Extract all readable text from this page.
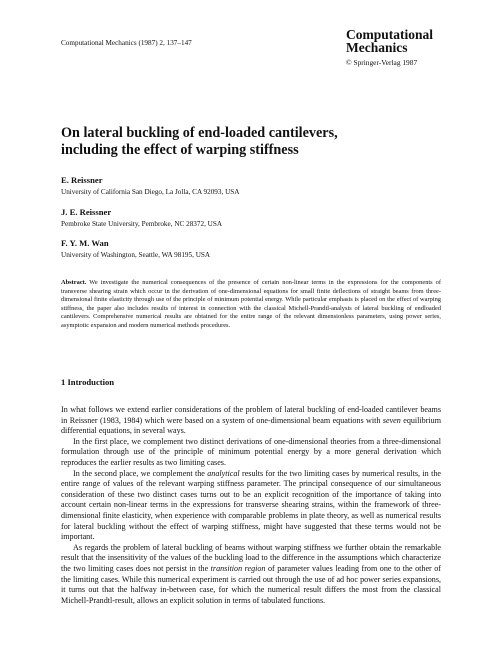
Computational Mechanics (1987) 2, 137–147
Computational
Mechanics
© Springer-Verlag 1987
On lateral buckling of end-loaded cantilevers,
including the effect of warping stiffness
E. Reissner
University of California San Diego, La Jolla, CA 92093, USA
J. E. Reissner
Pembroke State University, Pembroke, NC 28372, USA
F. Y. M. Wan
University of Washington, Seattle, WA 98195, USA
Abstract. We investigate the numerical consequences of the presence of certain non-linear terms in the expressions for the components of transverse shearing strain which occur in the derivation of one-dimensional equations for small finite deflections of straight beams from three-dimensional finite elasticity through use of the principle of minimum potential energy. While particular emphasis is placed on the effect of warping stiffness, the paper also includes results of interest in connection with the classical Michell-Prandtl-analysis of lateral buckling of endloaded cantilevers. Comprehensive numerical results are obtained for the entire range of the relevant dimensionless parameters, using power series, asymptotic expansion and modern numerical methods procedures.
1 Introduction

In what follows we extend earlier considerations of the problem of lateral buckling of end-loaded cantilever beams in Reissner (1983, 1984) which were based on a system of one-dimensional beam equations with seven equilibrium differential equations, in several ways.

In the first place, we complement two distinct derivations of one-dimensional theories from a three-dimensional formulation through use of the principle of minimum potential energy by a more general derivation which reproduces the earlier results as two limiting cases.

In the second place, we complement the analytical results for the two limiting cases by numerical results, in the entire range of values of the relevant warping stiffness parameter. The principal consequence of our simultaneous consideration of these two distinct cases turns out to be an explicit recognition of the importance of taking into account certain non-linear terms in the expressions for transverse shearing strains, within the framework of three-dimensional finite elasticity, when experience with comparable problems in plate theory, as well as numerical results for lateral buckling without the effect of warping stiffness, might have suggested that these terms would not be important.

As regards the problem of lateral buckling of beams without warping stiffness we further obtain the remarkable result that the insensitivity of the values of the buckling load to the difference in the assumptions which characterize the two limiting cases does not persist in the transition region of parameter values leading from one to the other of the limiting cases. While this numerical experiment is carried out through the use of ad hoc power series expansions, it turns out that the halfway in-between case, for which the numerical result differs the most from the classical Michell-Prandtl-result, allows an explicit solution in terms of tabulated functions.
